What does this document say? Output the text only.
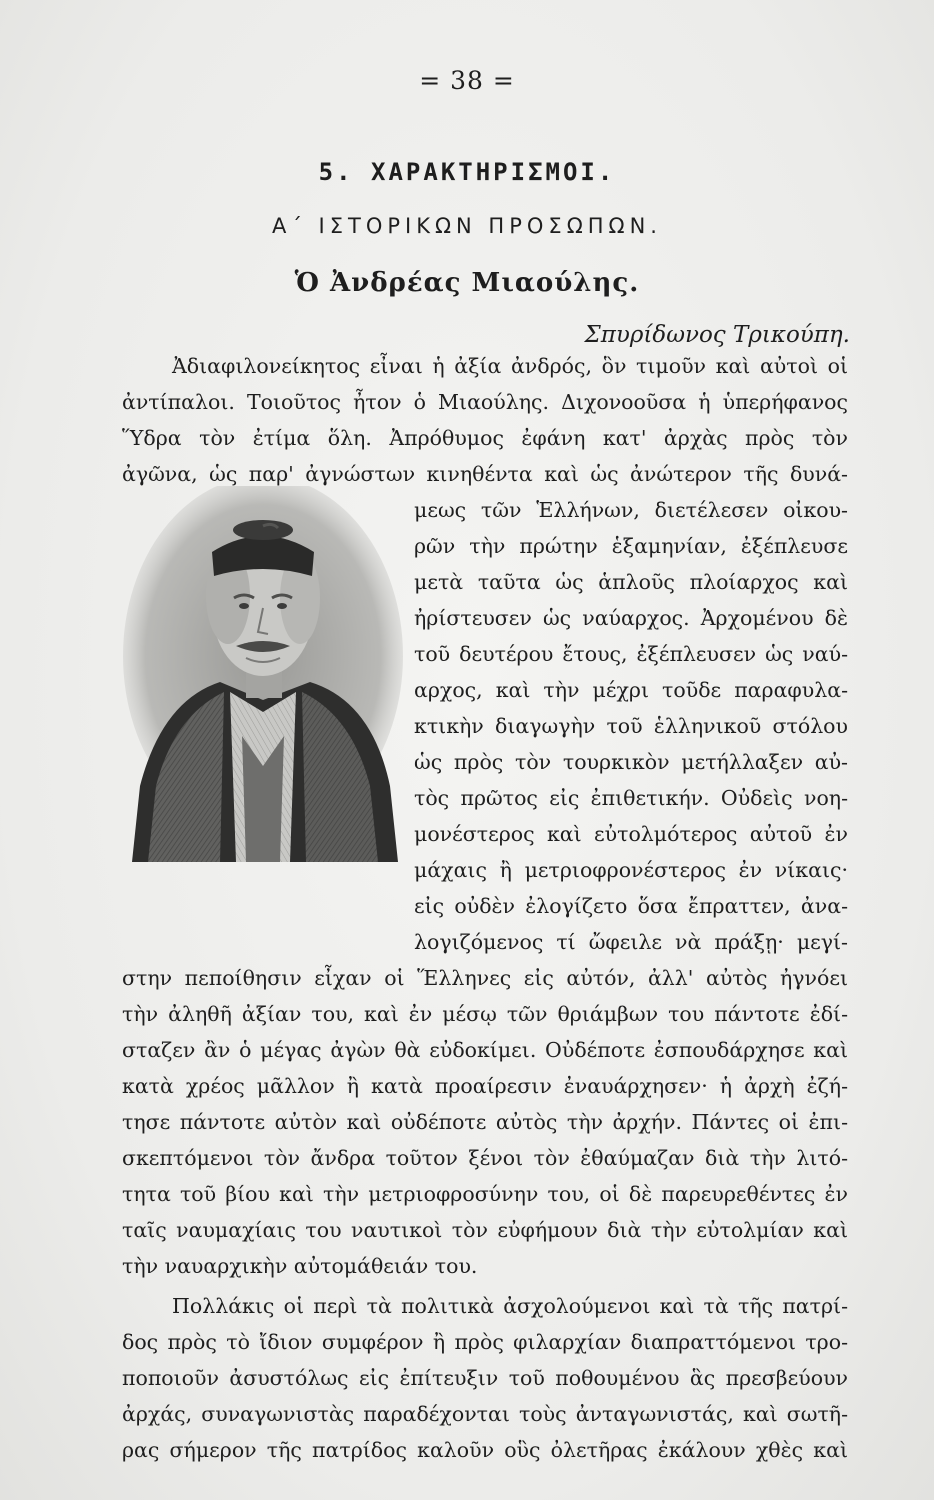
= 38 =
5. ΧΑΡΑΚΤΗΡΙΣΜΟΙ.
Α΄ ΙΣΤΟΡΙΚΩΝ ΠΡΟΣΩΠΩΝ.
Ὁ Ἀνδρέας Μιαούλης.
Σπυρίδωνος Τρικούπη.
Ἀδιαφιλονείκητος εἶναι ἡ ἀξία ἀνδρός, ὃν τιμοῦν καὶ αὐτοὶ οἱ
ἀντίπαλοι. Τοιοῦτος ἦτον ὁ Μιαούλης. Διχονοοῦσα ἡ ὑπερήφανος
Ὕδρα τὸν ἐτίμα ὅλη. Ἀπρόθυμος ἐφάνη κατ' ἀρχὰς πρὸς τὸν
ἀγῶνα, ὡς παρ' ἀγνώστων κινηθέντα καὶ ὡς ἀνώτερον τῆς δυνά-
μεως τῶν Ἑλλήνων, διετέλεσεν οἰκου-
ρῶν τὴν πρώτην ἑξαμηνίαν, ἐξέπλευσε
μετὰ ταῦτα ὡς ἁπλοῦς πλοίαρχος καὶ
ἠρίστευσεν ὡς ναύαρχος. Ἀρχομένου δὲ
τοῦ δευτέρου ἔτους, ἐξέπλευσεν ὡς ναύ-
αρχος, καὶ τὴν μέχρι τοῦδε παραφυλα-
κτικὴν διαγωγὴν τοῦ ἑλληνικοῦ στόλου
ὡς πρὸς τὸν τουρκικὸν μετήλλαξεν αὐ-
τὸς πρῶτος εἰς ἐπιθετικήν. Οὐδεὶς νοη-
μονέστερος καὶ εὐτολμότερος αὐτοῦ ἐν
μάχαις ἢ μετριοφρονέστερος ἐν νίκαις·
εἰς οὐδὲν ἐλογίζετο ὅσα ἔπραττεν, ἀνα-
λογιζόμενος τί ὤφειλε νὰ πράξῃ· μεγί-
στην πεποίθησιν εἶχαν οἱ Ἕλληνες εἰς αὐτόν, ἀλλ' αὐτὸς ἠγνόει
τὴν ἀληθῆ ἀξίαν του, καὶ ἐν μέσῳ τῶν θριάμβων του πάντοτε ἐδί-
σταζεν ἂν ὁ μέγας ἀγὼν θὰ εὐδοκίμει. Οὐδέποτε ἐσπουδάρχησε καὶ
κατὰ χρέος μᾶλλον ἢ κατὰ προαίρεσιν ἐναυάρχησεν· ἡ ἀρχὴ ἐζή-
τησε πάντοτε αὐτὸν καὶ οὐδέποτε αὐτὸς τὴν ἀρχήν. Πάντες οἱ ἐπι-
σκεπτόμενοι τὸν ἄνδρα τοῦτον ξένοι τὸν ἐθαύμαζαν διὰ τὴν λιτό-
τητα τοῦ βίου καὶ τὴν μετριοφροσύνην του, οἱ δὲ παρευρεθέντες ἐν
ταῖς ναυμαχίαις του ναυτικοὶ τὸν εὐφήμουν διὰ τὴν εὐτολμίαν καὶ
τὴν ναυαρχικὴν αὐτομάθειάν του.
Πολλάκις οἱ περὶ τὰ πολιτικὰ ἀσχολούμενοι καὶ τὰ τῆς πατρί-
δος πρὸς τὸ ἴδιον συμφέρον ἢ πρὸς φιλαρχίαν διαπραττόμενοι τρο-
ποποιοῦν ἀσυστόλως εἰς ἐπίτευξιν τοῦ ποθουμένου ἃς πρεσβεύουν
ἀρχάς, συναγωνιστὰς παραδέχονται τοὺς ἀνταγωνιστάς, καὶ σωτῆ-
ρας σήμερον τῆς πατρίδος καλοῦν οὓς ὀλετῆρας ἐκάλουν χθὲς καὶ
